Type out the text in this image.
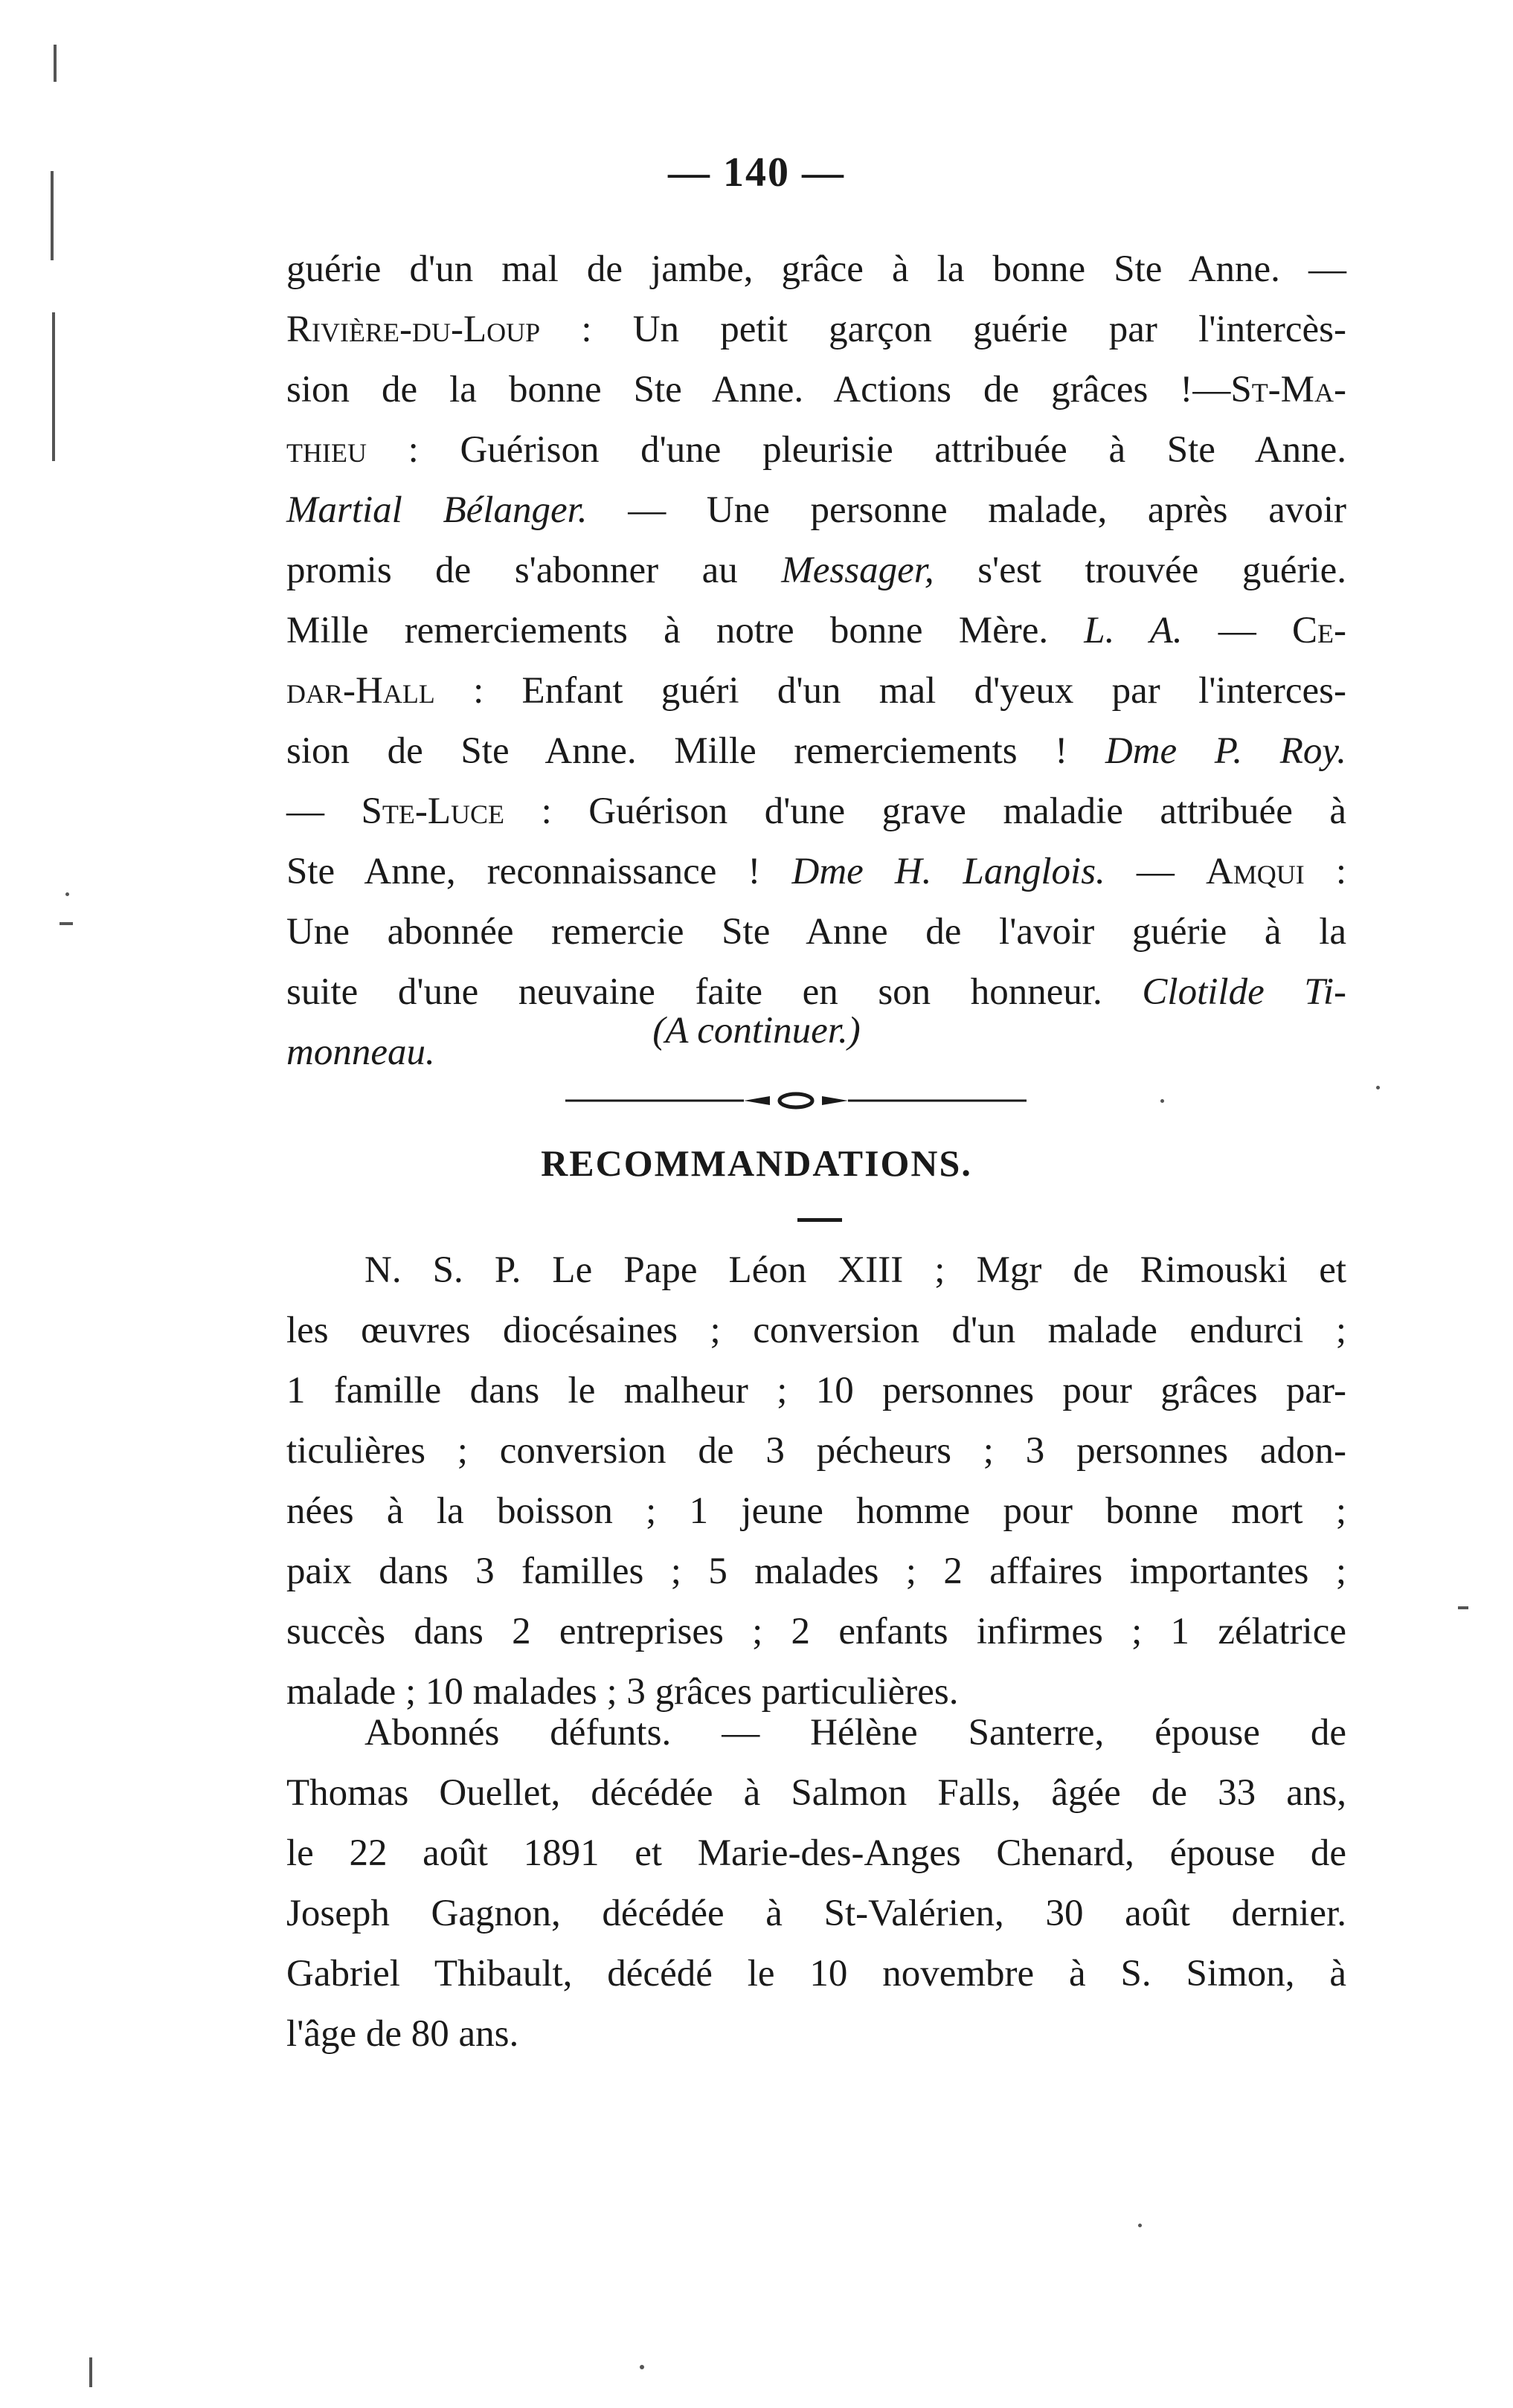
— 140 —
guérie d'un mal de jambe, grâce à la bonne Ste Anne. —
Rivière-du-Loup : Un petit garçon guérie par l'intercès-
sion de la bonne Ste Anne. Actions de grâces !—St-Ma-
thieu : Guérison d'une pleurisie attribuée à Ste Anne.
Martial Bélanger. — Une personne malade, après avoir
promis de s'abonner au Messager, s'est trouvée guérie.
Mille remerciements à notre bonne Mère. L. A. — Ce-
dar-Hall : Enfant guéri d'un mal d'yeux par l'interces-
sion de Ste Anne. Mille remerciements ! Dme P. Roy.
— Ste-Luce : Guérison d'une grave maladie attribuée à
Ste Anne, reconnaissance ! Dme H. Langlois. — Amqui :
Une abonnée remercie Ste Anne de l'avoir guérie à la
suite d'une neuvaine faite en son honneur. Clotilde Ti-
monneau.
(A continuer.)
RECOMMANDATIONS.
N. S. P. Le Pape Léon XIII ; Mgr de Rimouski et
les œuvres diocésaines ; conversion d'un malade endurci ;
1 famille dans le malheur ; 10 personnes pour grâces par-
ticulières ; conversion de 3 pécheurs ; 3 personnes adon-
nées à la boisson ; 1 jeune homme pour bonne mort ;
paix dans 3 familles ; 5 malades ; 2 affaires importantes ;
succès dans 2 entreprises ; 2 enfants infirmes ; 1 zélatrice
malade ; 10 malades ; 3 grâces particulières.
Abonnés défunts. — Hélène Santerre, épouse de
Thomas Ouellet, décédée à Salmon Falls, âgée de 33 ans,
le 22 août 1891 et Marie-des-Anges Chenard, épouse de
Joseph Gagnon, décédée à St-Valérien, 30 août dernier.
Gabriel Thibault, décédé le 10 novembre à S. Simon, à
l'âge de 80 ans.
